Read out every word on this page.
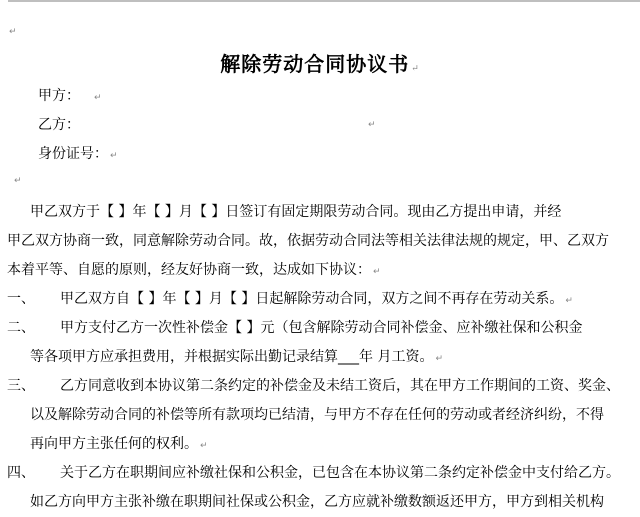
↵
解除劳动合同协议书 ↵
甲方： ↵
乙方：	↵
身份证号： ↵
↵
甲乙双方于【 】年【 】月【 】日签订有固定期限劳动合同。现由乙方提出申请，并经
甲乙双方协商一致，同意解除劳动合同。故，依据劳动合同法等相关法律法规的规定，甲、乙双方
本着平等、自愿的原则，经友好协商一致，达成如下协议： ↵
一、 甲乙双方自【 】年【 】月【 】日起解除劳动合同，双方之间不再存在劳动关系。 ↵
二、 甲方支付乙方一次性补偿金【 】元（包含解除劳动合同补偿金、应补缴社保和公积金
等各项甲方应承担费用，并根据实际出勤记录结算___年 月工资。 ↵
三、 乙方同意收到本协议第二条约定的补偿金及未结工资后，其在甲方工作期间的工资、奖金、
以及解除劳动合同的补偿等所有款项均已结清，与甲方不存在任何的劳动或者经济纠纷，不得
再向甲方主张任何的权利。 ↵
四、 关于乙方在职期间应补缴社保和公积金，已包含在本协议第二条约定补偿金中支付给乙方。
如乙方向甲方主张补缴在职期间社保或公积金，乙方应就补缴数额返还甲方，甲方到相关机构
